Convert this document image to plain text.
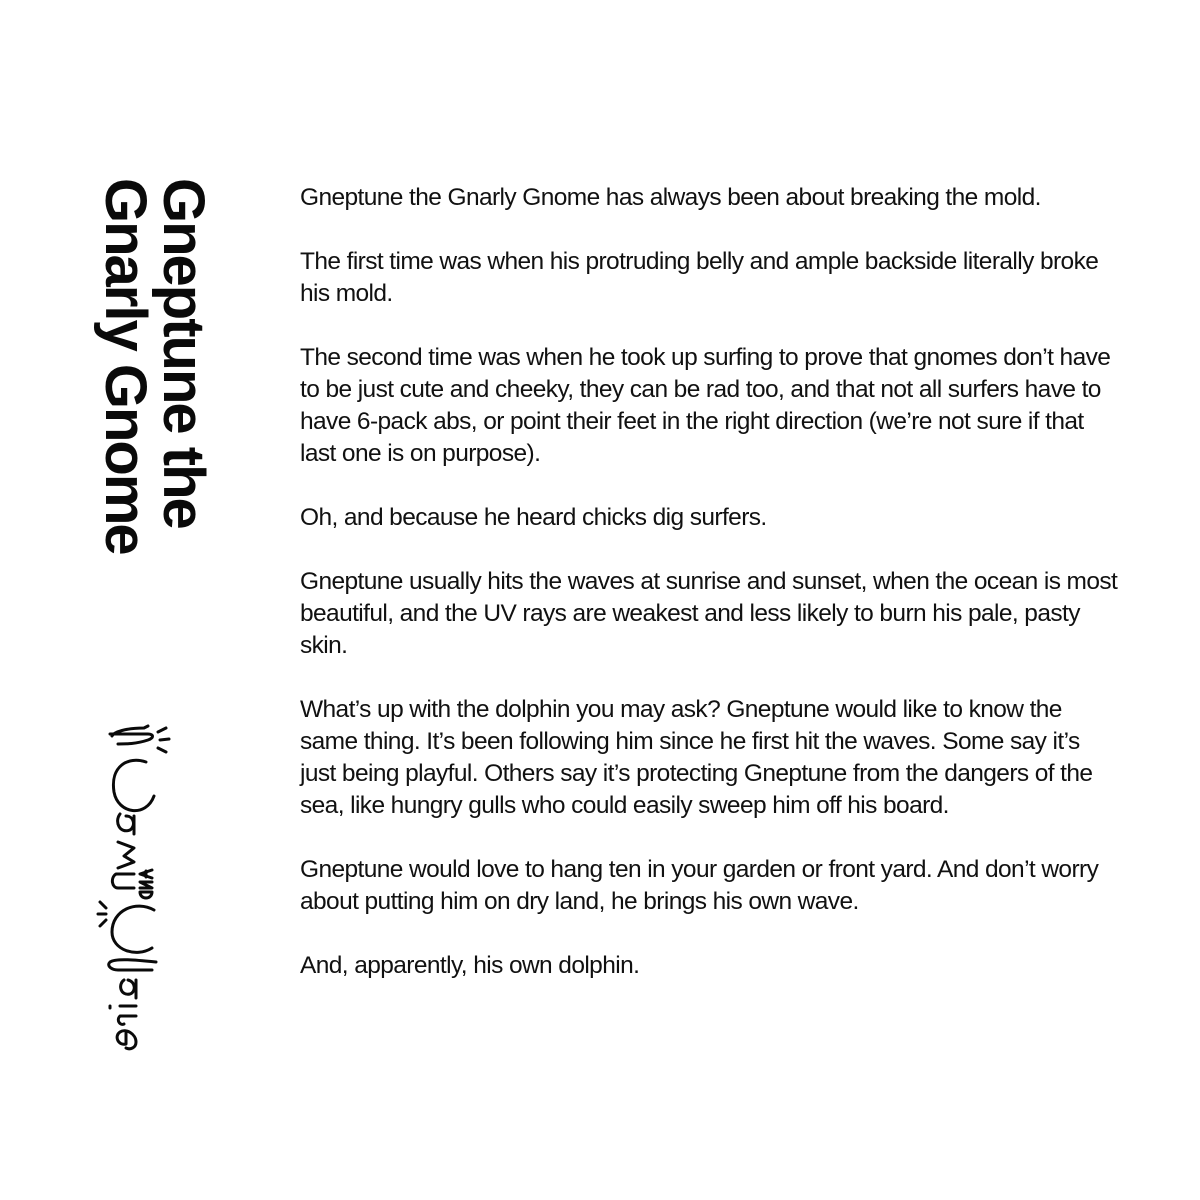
Gneptune the
Gnarly Gnome	Gneptune the Gnarly Gnome has always been about breaking the mold.

The first time was when his protruding belly and ample backside literally broke his mold.

The second time was when he took up surfing to prove that gnomes don’t have to be just cute and cheeky, they can be rad too, and that not all surfers have to have 6-pack abs, or point their feet in the right direction (we’re not sure if that last one is on purpose).

Oh, and because he heard chicks dig surfers.

Gneptune usually hits the waves at sunrise and sunset, when the ocean is most beautiful, and the UV rays are weakest and less likely to burn his pale, pasty skin.

What’s up with the dolphin you may ask? Gneptune would like to know the same thing. It’s been following him since he first hit the waves. Some say it’s just being playful. Others say it’s protecting Gneptune from the dangers of the sea, like hungry gulls who could easily sweep him off his board.

Gneptune would love to hang ten in your garden or front yard. And don’t worry about putting him on dry land, he brings his own wave.

And, apparently, his own dolphin.
